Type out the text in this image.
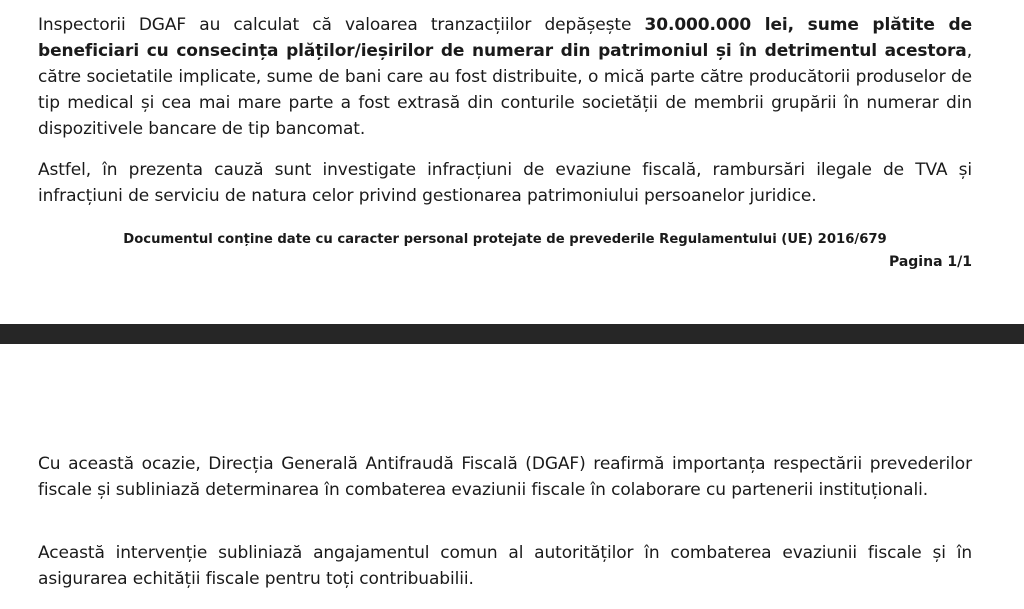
Inspectorii DGAF au calculat că valoarea tranzacțiilor depășește 30.000.000 lei, sume plătite de beneficiari cu consecința plăților/ieșirilor de numerar din patrimoniul și în detrimentul acestora, către societatile implicate, sume de bani care au fost distribuite, o mică parte către producătorii produselor de tip medical și cea mai mare parte a fost extrasă din conturile societății de membrii grupării în numerar din dispozitivele bancare de tip bancomat.

Astfel, în prezenta cauză sunt investigate infracțiuni de evaziune fiscală, rambursări ilegale de TVA și infracțiuni de serviciu de natura celor privind gestionarea patrimoniului persoanelor juridice.

Documentul conține date cu caracter personal protejate de prevederile Regulamentului (UE) 2016/679

Pagina 1/1

Cu această ocazie, Direcția Generală Antifraudă Fiscală (DGAF) reafirmă importanța respectării prevederilor fiscale și subliniază determinarea în combaterea evaziunii fiscale în colaborare cu partenerii instituționali.

Această intervenție subliniază angajamentul comun al autorităților în combaterea evaziunii fiscale și în asigurarea echității fiscale pentru toți contribuabilii.
